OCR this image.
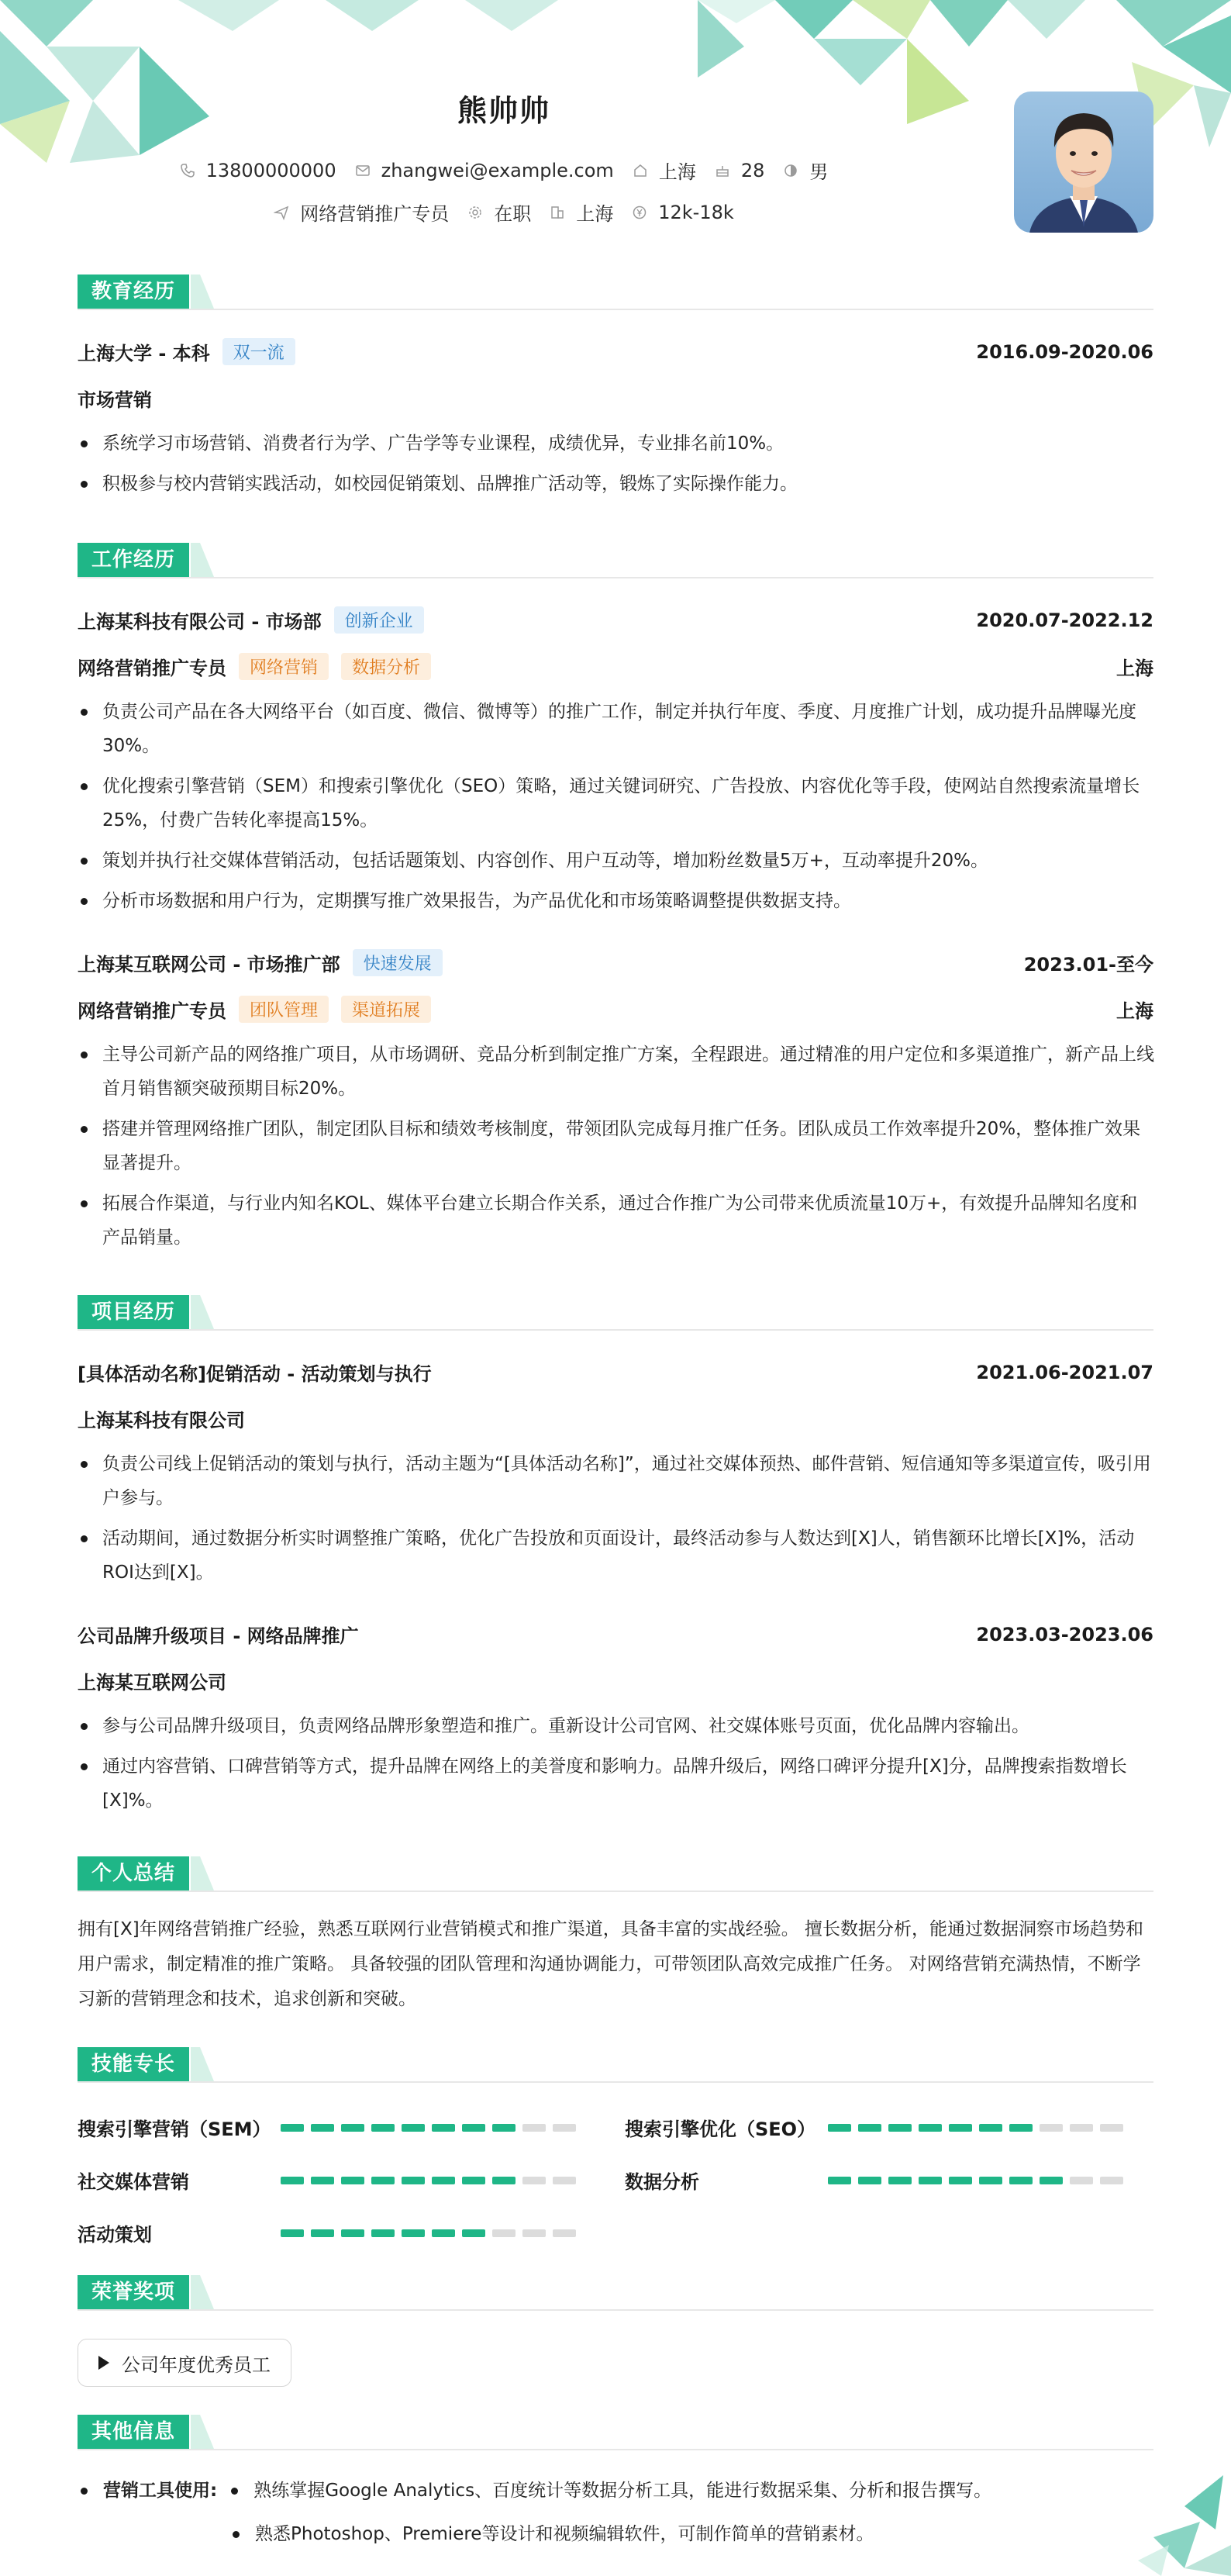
熊帅帅
13800000000 zhangwei@example.com 上海 28 男
网络营销推广专员 在职 上海 12k-18k
教育经历
上海大学 - 本科	双一流	2016.09-2020.06
市场营销
系统学习市场营销、消费者行为学、广告学等专业课程，成绩优异，专业排名前10%。
积极参与校内营销实践活动，如校园促销策划、品牌推广活动等，锻炼了实际操作能力。
工作经历
上海某科技有限公司 - 市场部	创新企业	2020.07-2022.12
网络营销推广专员	网络营销	数据分析	上海
负责公司产品在各大网络平台（如百度、微信、微博等）的推广工作，制定并执行年度、季度、月度推广计划，成功提升品牌曝光度30%。
优化搜索引擎营销（SEM）和搜索引擎优化（SEO）策略，通过关键词研究、广告投放、内容优化等手段，使网站自然搜索流量增长25%，付费广告转化率提高15%。
策划并执行社交媒体营销活动，包括话题策划、内容创作、用户互动等，增加粉丝数量5万+，互动率提升20%。
分析市场数据和用户行为，定期撰写推广效果报告，为产品优化和市场策略调整提供数据支持。
上海某互联网公司 - 市场推广部	快速发展	2023.01-至今
网络营销推广专员	团队管理	渠道拓展	上海
主导公司新产品的网络推广项目，从市场调研、竞品分析到制定推广方案，全程跟进。通过精准的用户定位和多渠道推广，新产品上线首月销售额突破预期目标20%。
搭建并管理网络推广团队，制定团队目标和绩效考核制度，带领团队完成每月推广任务。团队成员工作效率提升20%，整体推广效果显著提升。
拓展合作渠道，与行业内知名KOL、媒体平台建立长期合作关系，通过合作推广为公司带来优质流量10万+，有效提升品牌知名度和产品销量。
项目经历
[具体活动名称]促销活动 - 活动策划与执行	2021.06-2021.07
上海某科技有限公司
负责公司线上促销活动的策划与执行，活动主题为“[具体活动名称]”，通过社交媒体预热、邮件营销、短信通知等多渠道宣传，吸引用户参与。
活动期间，通过数据分析实时调整推广策略，优化广告投放和页面设计，最终活动参与人数达到[X]人，销售额环比增长[X]%，活动ROI达到[X]。
公司品牌升级项目 - 网络品牌推广	2023.03-2023.06
上海某互联网公司
参与公司品牌升级项目，负责网络品牌形象塑造和推广。重新设计公司官网、社交媒体账号页面，优化品牌内容输出。
通过内容营销、口碑营销等方式，提升品牌在网络上的美誉度和影响力。品牌升级后，网络口碑评分提升[X]分，品牌搜索指数增长[X]%。
个人总结
拥有[X]年网络营销推广经验，熟悉互联网行业营销模式和推广渠道，具备丰富的实战经验。 擅长数据分析，能通过数据洞察市场趋势和用户需求，制定精准的推广策略。 具备较强的团队管理和沟通协调能力，可带领团队高效完成推广任务。 对网络营销充满热情，不断学习新的营销理念和技术，追求创新和突破。
技能专长
搜索引擎营销（SEM）	搜索引擎优化（SEO）
社交媒体营销	数据分析
活动策划
荣誉奖项
公司年度优秀员工
其他信息
营销工具使用: 熟练掌握Google Analytics、百度统计等数据分析工具，能进行数据采集、分析和报告撰写。
熟悉Photoshop、Premiere等设计和视频编辑软件，可制作简单的营销素材。
